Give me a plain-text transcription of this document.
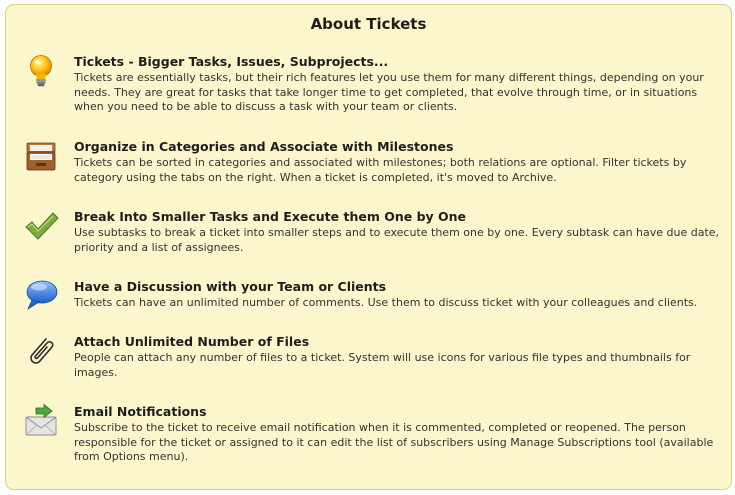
About Tickets
Tickets - Bigger Tasks, Issues, Subprojects...
Tickets are essentially tasks, but their rich features let you use them for many different things, depending on your needs. They are great for tasks that take longer time to get completed, that evolve through time, or in situations when you need to be able to discuss a task with your team or clients.
Organize in Categories and Associate with Milestones
Tickets can be sorted in categories and associated with milestones; both relations are optional. Filter tickets by category using the tabs on the right. When a ticket is completed, it's moved to Archive.
Break Into Smaller Tasks and Execute them One by One
Use subtasks to break a ticket into smaller steps and to execute them one by one. Every subtask can have due date, priority and a list of assignees.
Have a Discussion with your Team or Clients
Tickets can have an unlimited number of comments. Use them to discuss ticket with your colleagues and clients.
Attach Unlimited Number of Files
People can attach any number of files to a ticket. System will use icons for various file types and thumbnails for images.
Email Notifications
Subscribe to the ticket to receive email notification when it is commented, completed or reopened. The person responsible for the ticket or assigned to it can edit the list of subscribers using Manage Subscriptions tool (available from Options menu).
